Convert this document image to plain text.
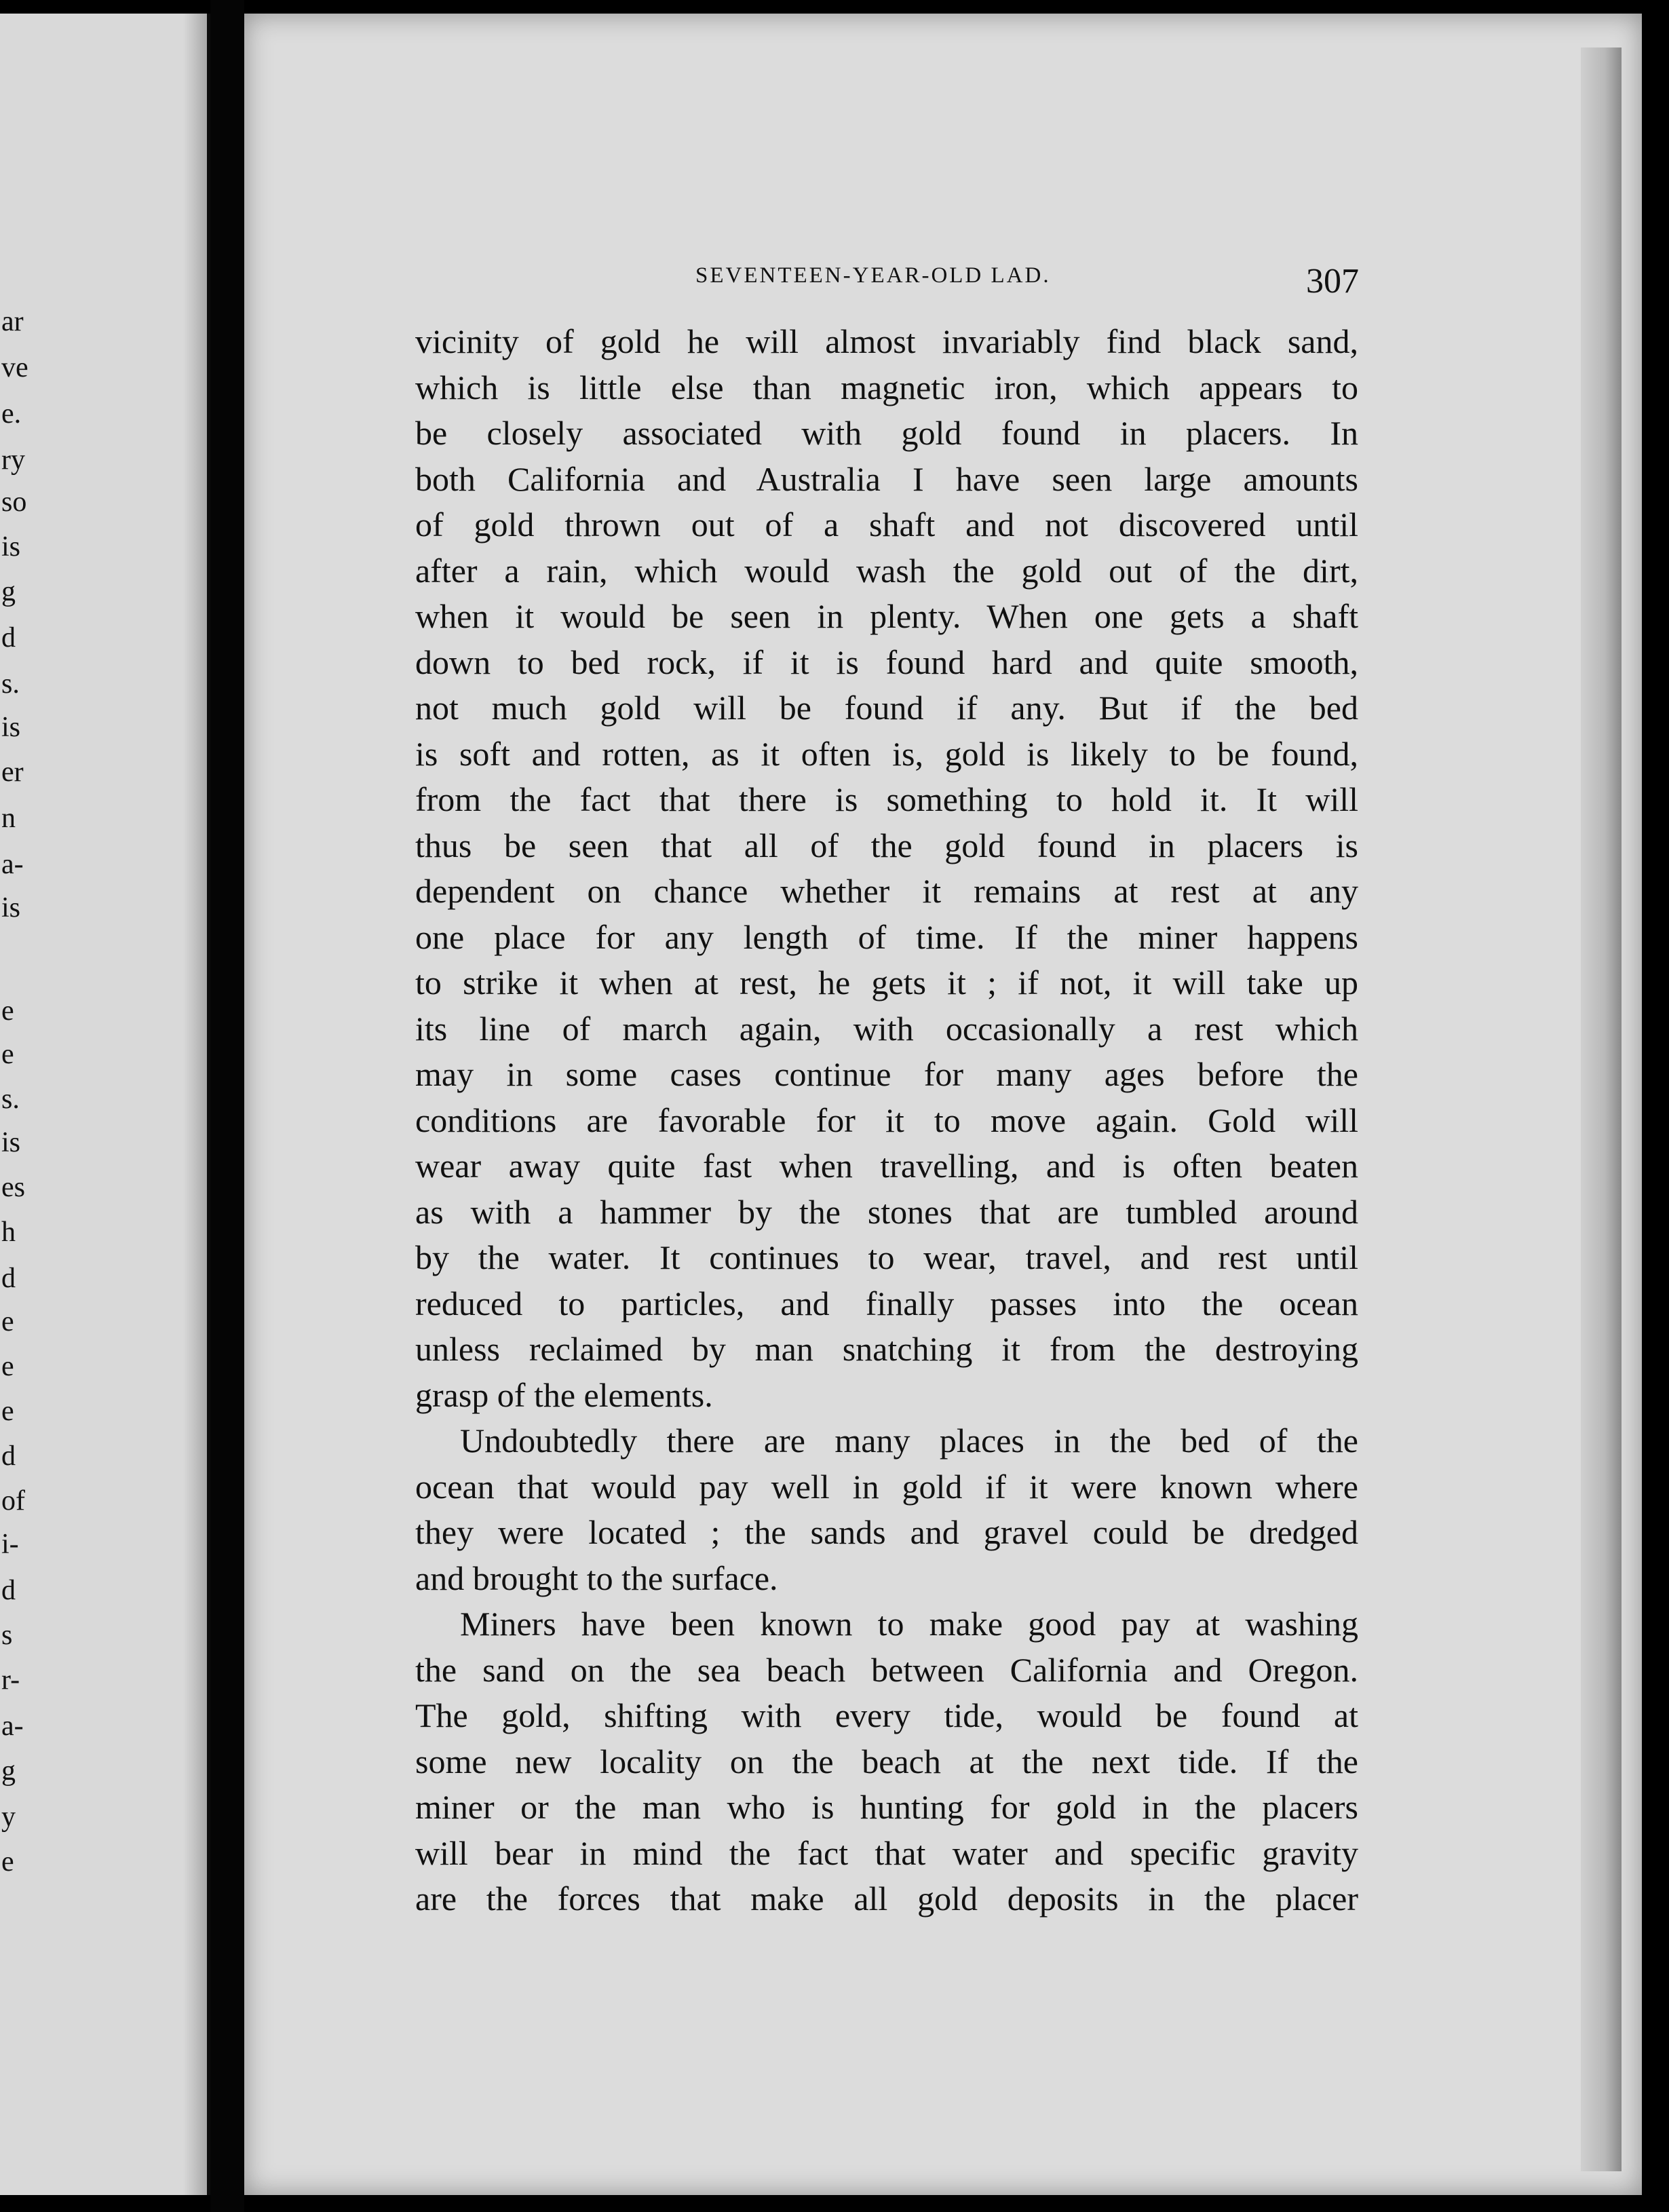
ar
ve
e.
ry
so
is
g
d
s.
is
er
n
a-
is
e
e
s.
is
es
h
d
e
e
e
d
of
i-
d
s
r-
a-
g
y
e
SEVENTEEN-YEAR-OLD LAD.	307
vicinity of gold he will almost invariably find black sand,
which is little else than magnetic iron, which appears to
be closely associated with gold found in placers. In
both California and Australia I have seen large amounts
of gold thrown out of a shaft and not discovered until
after a rain, which would wash the gold out of the dirt,
when it would be seen in plenty. When one gets a shaft
down to bed rock, if it is found hard and quite smooth,
not much gold will be found if any. But if the bed
is soft and rotten, as it often is, gold is likely to be found,
from the fact that there is something to hold it. It will
thus be seen that all of the gold found in placers is
dependent on chance whether it remains at rest at any
one place for any length of time. If the miner happens
to strike it when at rest, he gets it ; if not, it will take up
its line of march again, with occasionally a rest which
may in some cases continue for many ages before the
conditions are favorable for it to move again. Gold will
wear away quite fast when travelling, and is often beaten
as with a hammer by the stones that are tumbled around
by the water. It continues to wear, travel, and rest until
reduced to particles, and finally passes into the ocean
unless reclaimed by man snatching it from the destroying
grasp of the elements.
Undoubtedly there are many places in the bed of the
ocean that would pay well in gold if it were known where
they were located ; the sands and gravel could be dredged
and brought to the surface.
Miners have been known to make good pay at washing
the sand on the sea beach between California and Oregon.
The gold, shifting with every tide, would be found at
some new locality on the beach at the next tide. If the
miner or the man who is hunting for gold in the placers
will bear in mind the fact that water and specific gravity
are the forces that make all gold deposits in the placer
